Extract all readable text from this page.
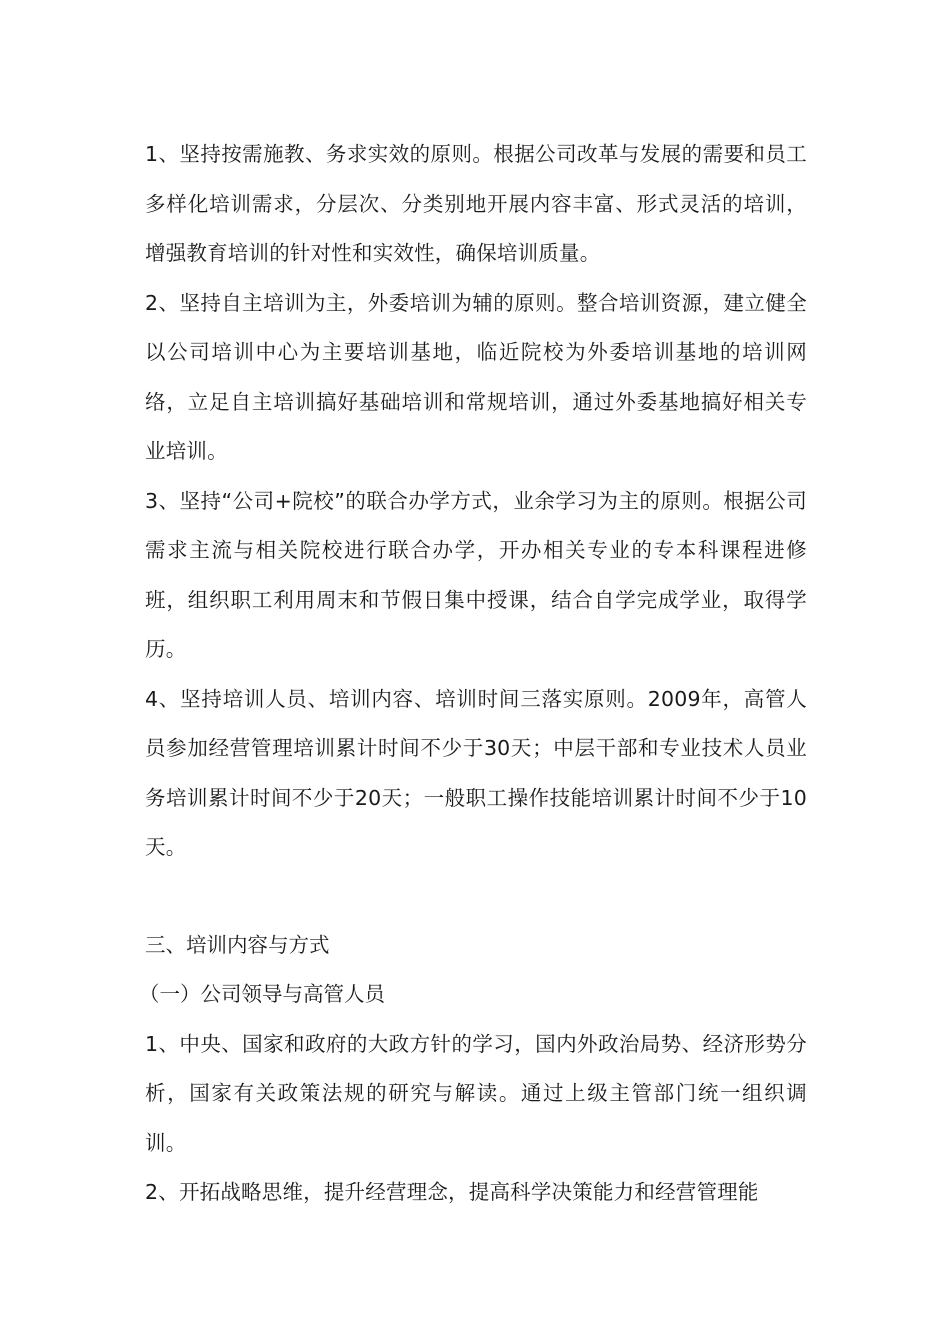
1、坚持按需施教、务求实效的原则。根据公司改革与发展的需要和员工多样化培训需求，分层次、分类别地开展内容丰富、形式灵活的培训，增强教育培训的针对性和实效性，确保培训质量。

2、坚持自主培训为主，外委培训为辅的原则。整合培训资源，建立健全以公司培训中心为主要培训基地，临近院校为外委培训基地的培训网络，立足自主培训搞好基础培训和常规培训，通过外委基地搞好相关专业培训。

3、坚持“公司+院校”的联合办学方式，业余学习为主的原则。根据公司需求主流与相关院校进行联合办学，开办相关专业的专本科课程进修班，组织职工利用周末和节假日集中授课，结合自学完成学业，取得学历。

4、坚持培训人员、培训内容、培训时间三落实原则。2009年，高管人员参加经营管理培训累计时间不少于30天；中层干部和专业技术人员业务培训累计时间不少于20天；一般职工操作技能培训累计时间不少于10天。

三、培训内容与方式

（一）公司领导与高管人员

1、中央、国家和政府的大政方针的学习，国内外政治局势、经济形势分析，国家有关政策法规的研究与解读。通过上级主管部门统一组织调训。

2、开拓战略思维，提升经营理念，提高科学决策能力和经营管理能
